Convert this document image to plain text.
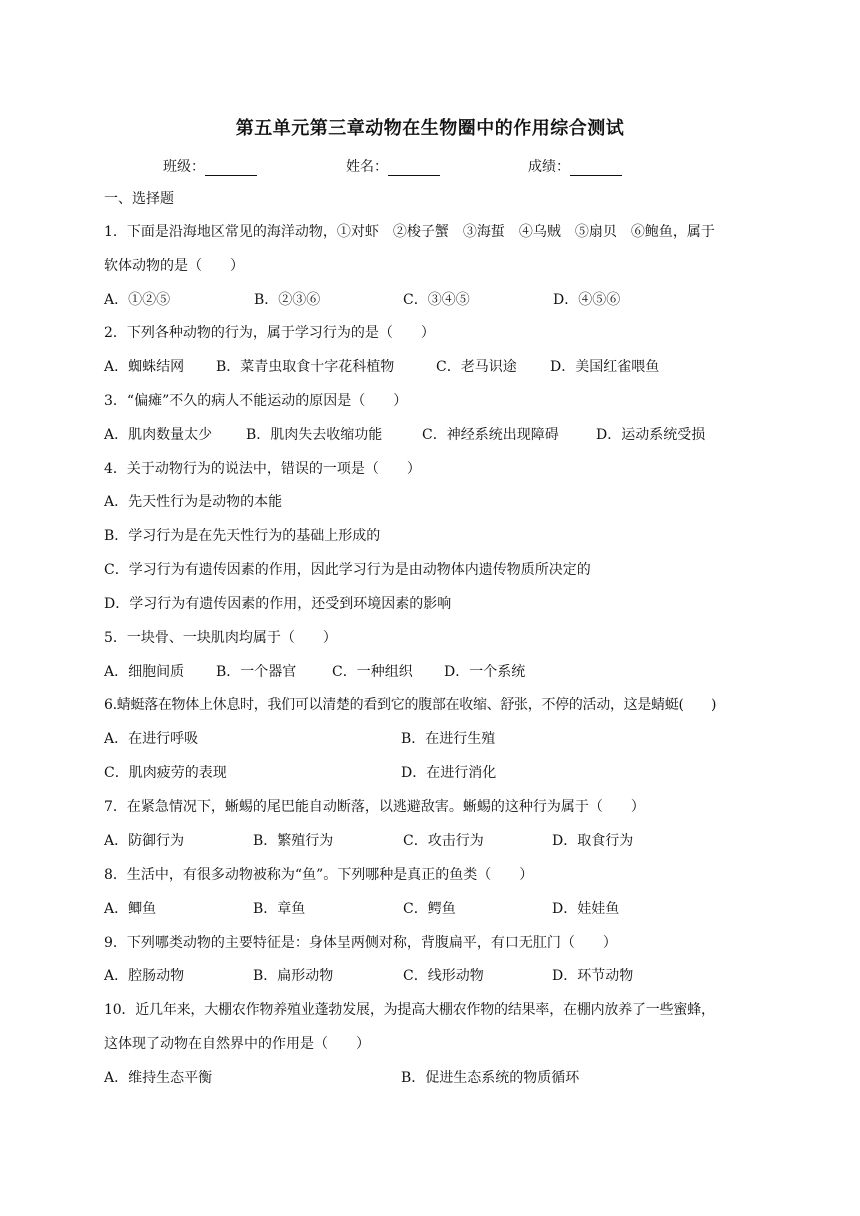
第五单元第三章动物在生物圈中的作用综合测试
班级：	姓名：	成绩：
一、选择题
1．下面是沿海地区常见的海洋动物，①对虾　②梭子蟹　③海蜇　④乌贼　⑤扇贝　⑥鲍鱼，属于
软体动物的是（　　）
A．①②⑤	B．②③⑥	C．③④⑤	D．④⑤⑥
2．下列各种动物的行为，属于学习行为的是（　　）
A．蜘蛛结网 B．菜青虫取食十字花科植物	C．老马识途 D．美国红雀喂鱼
3．“偏瘫”不久的病人不能运动的原因是（　　）
A．肌肉数量太少 B．肌肉失去收缩功能	C．神经系统出现障碍	D．运动系统受损
4．关于动物行为的说法中，错误的一项是（　　）
A．先天性行为是动物的本能
B．学习行为是在先天性行为的基础上形成的
C．学习行为有遗传因素的作用，因此学习行为是由动物体内遗传物质所决定的
D．学习行为有遗传因素的作用，还受到环境因素的影响
5．一块骨、一块肌肉均属于（　　）
A．细胞间质 B．一个器官	C．一种组织 D．一个系统
6.蜻蜓落在物体上休息时，我们可以清楚的看到它的腹部在收缩、舒张，不停的活动，这是蜻蜓(　　)
A．在进行呼吸	B．在进行生殖
C．肌肉疲劳的表现	D．在进行消化
7．在紧急情况下，蜥蜴的尾巴能自动断落，以逃避敌害。蜥蜴的这种行为属于（　　）
A．防御行为	B．繁殖行为	C．攻击行为	D．取食行为
8．生活中，有很多动物被称为“鱼”。下列哪种是真正的鱼类（　　）
A．鲫鱼	B．章鱼	C．鳄鱼	D．娃娃鱼
9．下列哪类动物的主要特征是：身体呈两侧对称，背腹扁平，有口无肛门（　　）
A．腔肠动物	B．扁形动物	C．线形动物	D．环节动物
10．近几年来，大棚农作物养殖业蓬勃发展，为提高大棚农作物的结果率，在棚内放养了一些蜜蜂，
这体现了动物在自然界中的作用是（　　）
A．维持生态平衡	B．促进生态系统的物质循环
